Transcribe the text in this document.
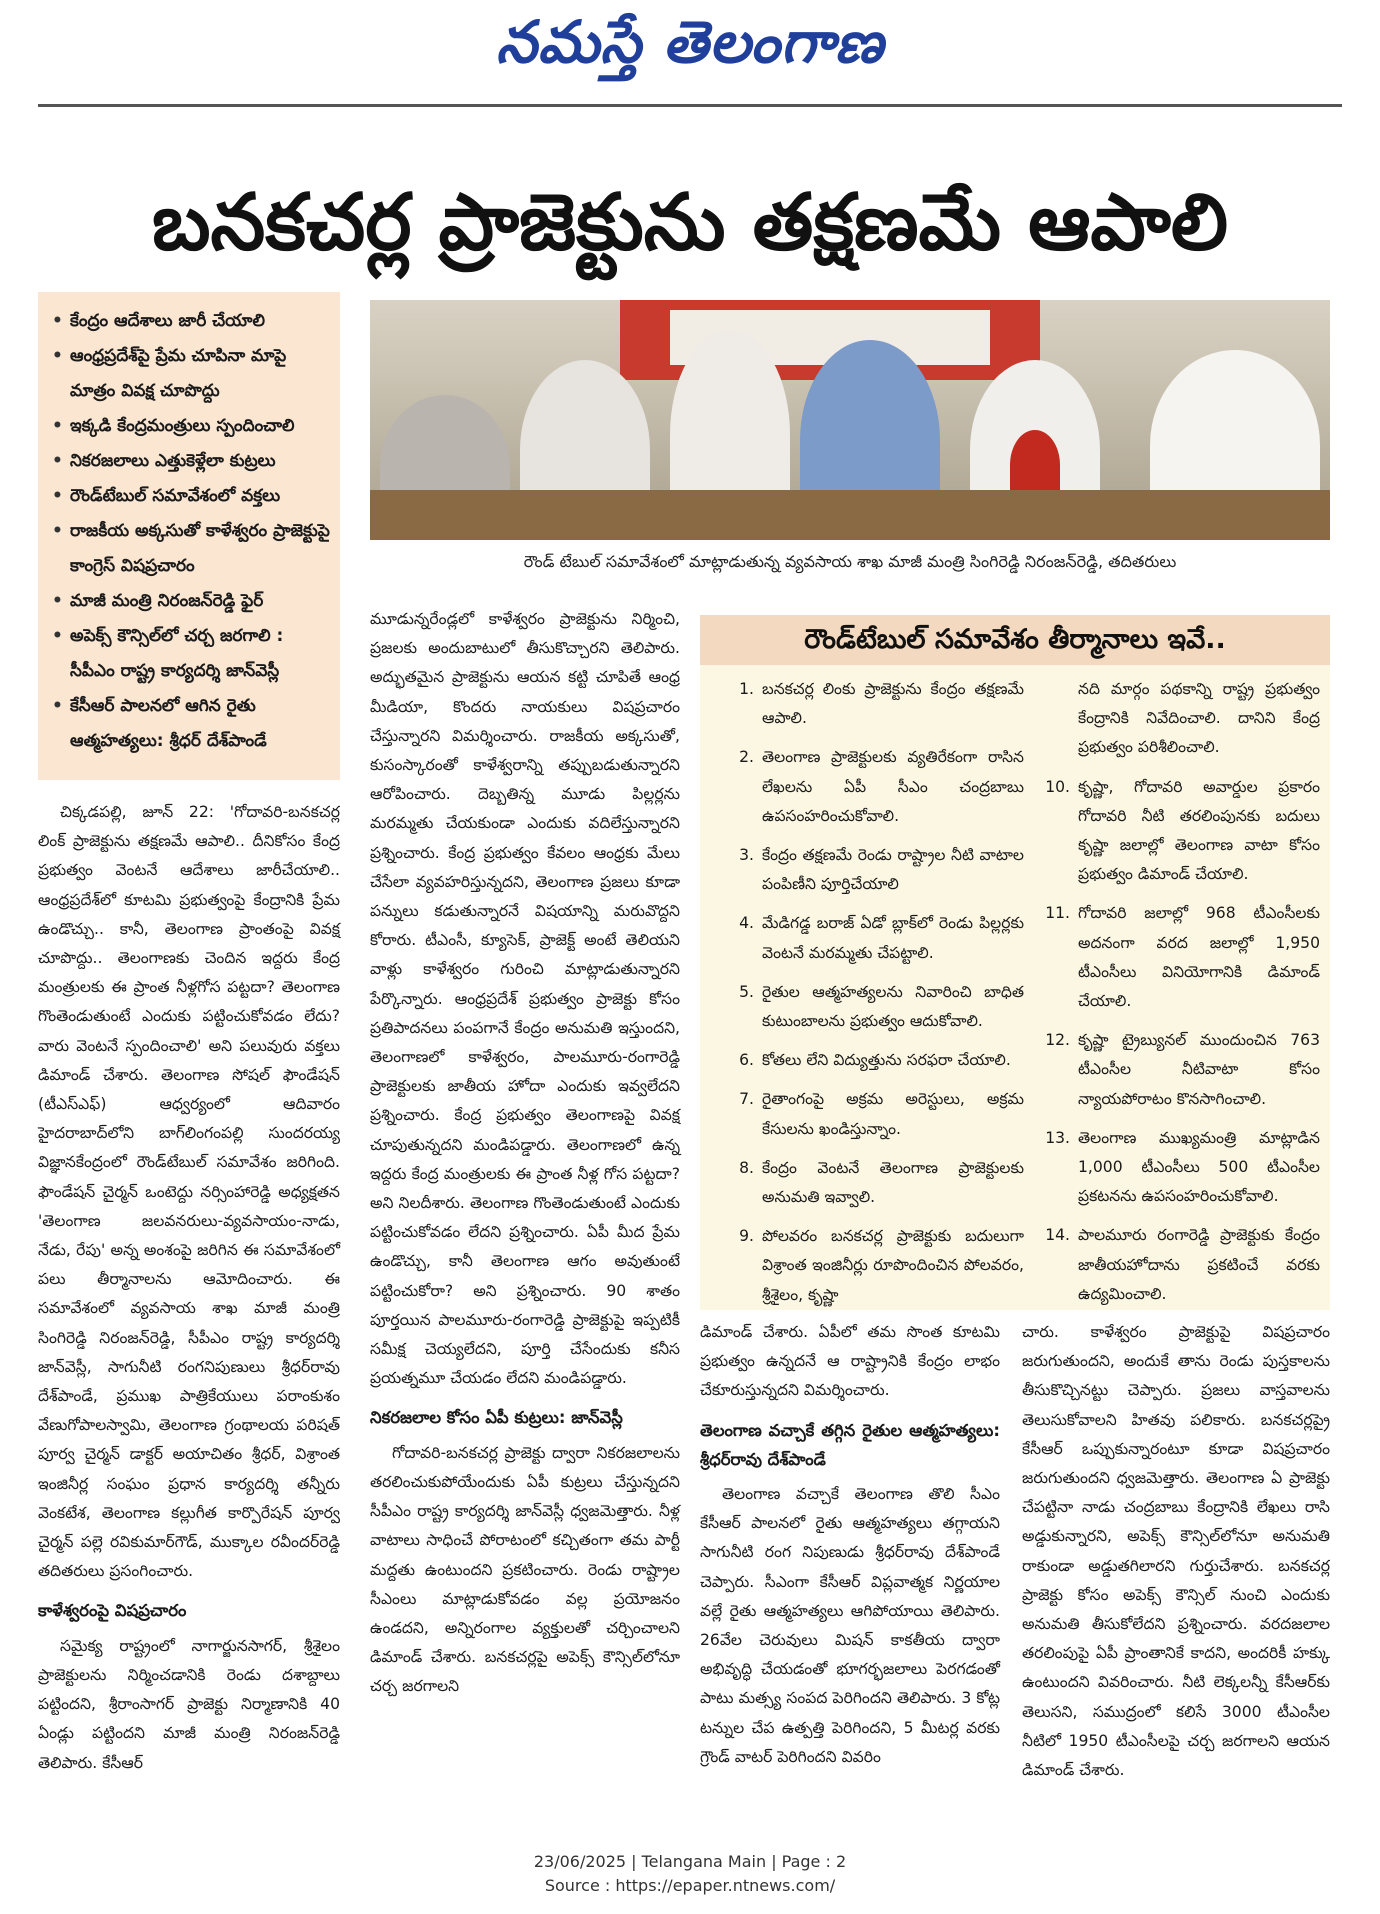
నమస్తే తెలంగాణ
బనకచర్ల ప్రాజెక్టును తక్షణమే ఆపాలి
• కేంద్రం ఆదేశాలు జారీ చేయాలి
• ఆంధ్రప్రదేశ్‌పై ప్రేమ చూపినా మాపై మాత్రం వివక్ష చూపొద్దు
• ఇక్కడి కేంద్రమంత్రులు స్పందించాలి
• నికరజలాలు ఎత్తుకెళ్లేలా కుట్రలు
• రౌండ్‌టేబుల్ సమావేశంలో వక్తలు
• రాజకీయ అక్కసుతో కాళేశ్వరం ప్రాజెక్టుపై కాంగ్రెస్ విషప్రచారం
• మాజీ మంత్రి నిరంజన్‌రెడ్డి ఫైర్
• అపెక్స్ కౌన్సిల్‌లో చర్చ జరగాలి : సీపీఎం రాష్ట్ర కార్యదర్శి జాన్‌వెస్లీ
• కేసీఆర్ పాలనలో ఆగిన రైతు ఆత్మహత్యలు: శ్రీధర్ దేశ్‌పాండే
రౌండ్ టేబుల్ సమావేశంలో మాట్లాడుతున్న వ్యవసాయ శాఖ మాజీ మంత్రి సింగిరెడ్డి నిరంజన్‌రెడ్డి, తదితరులు

చిక్కడపల్లి, జూన్ 22: 'గోదావరి-బనకచర్ల లింక్ ప్రాజెక్టును తక్షణమే ఆపాలి.. దీనికోసం కేంద్ర ప్రభుత్వం వెంటనే ఆదేశాలు జారీచేయాలి.. ఆంధ్రప్రదేశ్‌లో కూటమి ప్రభుత్వంపై కేంద్రానికి ప్రేమ ఉండొచ్చు.. కానీ, తెలంగాణ ప్రాంతంపై వివక్ష చూపొద్దు.. తెలంగాణకు చెందిన ఇద్దరు కేంద్ర మంత్రులకు ఈ ప్రాంత నీళ్లగోస పట్టదా? తెలంగాణ గొంతెండుతుంటే ఎందుకు పట్టించుకోవడం లేదు? వారు వెంటనే స్పందించాలి' అని పలువురు వక్తలు డిమాండ్ చేశారు. తెలంగాణ సోషల్ ఫౌండేషన్ (టీఎస్ఎఫ్) ఆధ్వర్యంలో ఆదివారం హైదరాబాద్‌లోని బాగ్‌లింగంపల్లి సుందరయ్య విజ్ఞానకేంద్రంలో రౌండ్‌టేబుల్ సమావేశం జరిగింది. ఫౌండేషన్ చైర్మన్ ఒంటెద్దు నర్సింహారెడ్డి అధ్యక్షతన 'తెలంగాణ జలవనరులు-వ్యవసాయం-నాడు, నేడు, రేపు' అన్న అంశంపై జరిగిన ఈ సమావేశంలో పలు తీర్మానాలను ఆమోదించారు. ఈ సమావేశంలో వ్యవసాయ శాఖ మాజీ మంత్రి సింగిరెడ్డి నిరంజన్‌రెడ్డి, సీపీఎం రాష్ట్ర కార్యదర్శి జాన్‌వెస్లీ, సాగునీటి రంగనిపుణులు శ్రీధర్‌రావు దేశ్‌పాండే, ప్రముఖ పాత్రికేయులు పరాంకుశం వేణుగోపాలస్వామి, తెలంగాణ గ్రంథాలయ పరిషత్ పూర్వ చైర్మన్ డాక్టర్ అయాచితం శ్రీధర్, విశ్రాంత ఇంజినీర్ల సంఘం ప్రధాన కార్యదర్శి తన్నీరు వెంకటేశ, తెలంగాణ కల్లుగీత కార్పొరేషన్ పూర్వ చైర్మన్ పల్లె రవికుమార్‌గౌడ్, ముక్కాల రవీందర్‌రెడ్డి తదితరులు ప్రసంగించారు.

కాళేశ్వరంపై విషప్రచారం

సమైక్య రాష్ట్రంలో నాగార్జునసాగర్, శ్రీశైలం ప్రాజెక్టులను నిర్మించడానికి రెండు దశాబ్దాలు పట్టిందని, శ్రీరాంసాగర్ ప్రాజెక్టు నిర్మాణానికి 40 ఏండ్లు పట్టిందని మాజీ మంత్రి నిరంజన్‌రెడ్డి తెలిపారు. కేసీఆర్

మూడున్నరేండ్లలో కాళేశ్వరం ప్రాజెక్టును నిర్మించి, ప్రజలకు అందుబాటులో తీసుకొచ్చారని తెలిపారు. అద్భుతమైన ప్రాజెక్టును ఆయన కట్టి చూపితే ఆంధ్ర మీడియా, కొందరు నాయకులు విషప్రచారం చేస్తున్నారని విమర్శించారు. రాజకీయ అక్కసుతో, కుసంస్కారంతో కాళేశ్వరాన్ని తప్పుబడుతున్నారని ఆరోపించారు. దెబ్బతిన్న మూడు పిల్లర్లను మరమ్మతు చేయకుండా ఎందుకు వదిలేస్తున్నారని ప్రశ్నించారు. కేంద్ర ప్రభుత్వం కేవలం ఆంధ్రకు మేలు చేసేలా వ్యవహరిస్తున్నదని, తెలంగాణ ప్రజలు కూడా పన్నులు కడుతున్నారనే విషయాన్ని మరువొద్దని కోరారు. టీఎంసీ, క్యూసెక్, ప్రాజెక్ట్ అంటే తెలియని వాళ్లు కాళేశ్వరం గురించి మాట్లాడుతున్నారని పేర్కొన్నారు. ఆంధ్రప్రదేశ్ ప్రభుత్వం ప్రాజెక్టు కోసం ప్రతిపాదనలు పంపగానే కేంద్రం అనుమతి ఇస్తుందని, తెలంగాణలో కాళేశ్వరం, పాలమూరు-రంగారెడ్డి ప్రాజెక్టులకు జాతీయ హోదా ఎందుకు ఇవ్వలేదని ప్రశ్నించారు. కేంద్ర ప్రభుత్వం తెలంగాణపై వివక్ష చూపుతున్నదని మండిపడ్డారు. తెలంగాణలో ఉన్న ఇద్దరు కేంద్ర మంత్రులకు ఈ ప్రాంత నీళ్ల గోస పట్టదా? అని నిలదీశారు. తెలంగాణ గొంతెండుతుంటే ఎందుకు పట్టించుకోవడం లేదని ప్రశ్నించారు. ఏపీ మీద ప్రేమ ఉండొచ్చు, కానీ తెలంగాణ ఆగం అవుతుంటే పట్టించుకోరా? అని ప్రశ్నించారు. 90 శాతం పూర్తయిన పాలమూరు-రంగారెడ్డి ప్రాజెక్టుపై ఇప్పటికీ సమీక్ష చెయ్యలేదని, పూర్తి చేసేందుకు కనీస ప్రయత్నమూ చేయడం లేదని మండిపడ్డారు.

నికరజలాల కోసం ఏపీ కుట్రలు: జాన్‌వెస్లీ

గోదావరి-బనకచర్ల ప్రాజెక్టు ద్వారా నికరజలాలను తరలించుకుపోయేందుకు ఏపీ కుట్రలు చేస్తున్నదని సీపీఎం రాష్ట్ర కార్యదర్శి జాన్‌వెస్లీ ధ్వజమెత్తారు. నీళ్ల వాటాలు సాధించే పోరాటంలో కచ్చితంగా తమ పార్టీ మద్దతు ఉంటుందని ప్రకటించారు. రెండు రాష్ట్రాల సీఎంలు మాట్లాడుకోవడం వల్ల ప్రయోజనం ఉండదని, అన్నిరంగాల వ్యక్తులతో చర్చించాలని డిమాండ్ చేశారు. బనకచర్లపై అపెక్స్ కౌన్సిల్‌లోనూ చర్చ జరగాలని

రౌండ్‌టేబుల్ సమావేశం తీర్మానాలు ఇవే..
1. బనకచర్ల లింకు ప్రాజెక్టును కేంద్రం తక్షణమే ఆపాలి.
2. తెలంగాణ ప్రాజెక్టులకు వ్యతిరేకంగా రాసిన లేఖలను ఏపీ సీఎం చంద్రబాబు ఉపసంహరించుకోవాలి.
3. కేంద్రం తక్షణమే రెండు రాష్ట్రాల నీటి వాటాల పంపిణీని పూర్తిచేయాలి
4. మేడిగడ్డ బరాజ్ ఏడో బ్లాక్‌లో రెండు పిల్లర్లకు వెంటనే మరమ్మతు చేపట్టాలి.
5. రైతుల ఆత్మహత్యలను నివారించి బాధిత కుటుంబాలను ప్రభుత్వం ఆదుకోవాలి.
6. కోతలు లేని విద్యుత్తును సరఫరా చేయాలి.
7. రైతాంగంపై అక్రమ అరెస్టులు, అక్రమ కేసులను ఖండిస్తున్నాం.
8. కేంద్రం వెంటనే తెలంగాణ ప్రాజెక్టులకు అనుమతి ఇవ్వాలి.
9. పోలవరం బనకచర్ల ప్రాజెక్టుకు బదులుగా విశ్రాంత ఇంజినీర్లు రూపొందించిన పోలవరం, శ్రీశైలం, కృష్ణా
నది మార్గం పథకాన్ని రాష్ట్ర ప్రభుత్వం కేంద్రానికి నివేదించాలి. దానిని కేంద్ర ప్రభుత్వం పరిశీలించాలి.
10. కృష్ణా, గోదావరి అవార్డుల ప్రకారం గోదావరి నీటి తరలింపునకు బదులు కృష్ణా జలాల్లో తెలంగాణ వాటా కోసం ప్రభుత్వం డిమాండ్ చేయాలి.
11. గోదావరి జలాల్లో 968 టీఎంసీలకు అదనంగా వరద జలాల్లో 1,950 టీఎంసీలు వినియోగానికి డిమాండ్ చేయాలి.
12. కృష్ణా ట్రైబ్యునల్ ముందుంచిన 763 టీఎంసీల నీటివాటా కోసం న్యాయపోరాటం కొనసాగించాలి.
13. తెలంగాణ ముఖ్యమంత్రి మాట్లాడిన 1,000 టీఎంసీలు 500 టీఎంసీల ప్రకటనను ఉపసంహరించుకోవాలి.
14. పాలమూరు రంగారెడ్డి ప్రాజెక్టుకు కేంద్రం జాతీయహోదాను ప్రకటించే వరకు ఉద్యమించాలి.

డిమాండ్ చేశారు. ఏపీలో తమ సొంత కూటమి ప్రభుత్వం ఉన్నదనే ఆ రాష్ట్రానికి కేంద్రం లాభం చేకూరుస్తున్నదని విమర్శించారు.

తెలంగాణ వచ్చాకే తగ్గిన రైతుల ఆత్మహత్యలు: శ్రీధర్‌రావు దేశ్‌పాండే

తెలంగాణ వచ్చాకే తెలంగాణ తొలి సీఎం కేసీఆర్ పాలనలో రైతు ఆత్మహత్యలు తగ్గాయని సాగునీటి రంగ నిపుణుడు శ్రీధర్‌రావు దేశ్‌పాండే చెప్పారు. సీఎంగా కేసీఆర్ విప్లవాత్మక నిర్ణయాల వల్లే రైతు ఆత్మహత్యలు ఆగిపోయాయి తెలిపారు. 26వేల చెరువులు మిషన్ కాకతీయ ద్వారా అభివృద్ధి చేయడంతో భూగర్భజలాలు పెరగడంతో పాటు మత్స్య సంపద పెరిగిందని తెలిపారు. 3 కోట్ల టన్నుల చేప ఉత్పత్తి పెరిగిందని, 5 మీటర్ల వరకు గ్రౌండ్ వాటర్ పెరిగిందని వివరిం

చారు. కాళేశ్వరం ప్రాజెక్టుపై విషప్రచారం జరుగుతుందని, అందుకే తాను రెండు పుస్తకాలను తీసుకొచ్చినట్టు చెప్పారు. ప్రజలు వాస్తవాలను తెలుసుకోవాలని హితవు పలికారు. బనకచర్లప్రై కేసీఆర్ ఒప్పుకున్నారంటూ కూడా విషప్రచారం జరుగుతుందని ధ్వజమెత్తారు. తెలంగాణ ఏ ప్రాజెక్టు చేపట్టినా నాడు చంద్రబాబు కేంద్రానికి లేఖలు రాసి అడ్డుకున్నారని, అపెక్స్ కౌన్సిల్‌లోనూ అనుమతి రాకుండా అడ్డుతగిలారని గుర్తుచేశారు. బనకచర్ల ప్రాజెక్టు కోసం అపెక్స్ కౌన్సిల్ నుంచి ఎందుకు అనుమతి తీసుకోలేదని ప్రశ్నించారు. వరదజలాల తరలింపుపై ఏపీ ప్రాంతానికే కాదని, అందరికీ హక్కు ఉంటుందని వివరించారు. నీటి లెక్కలన్నీ కేసీఆర్‌కు తెలుసని, సముద్రంలో కలిసే 3000 టీఎంసీల నీటిలో 1950 టీఎంసీలపై చర్చ జరగాలని ఆయన డిమాండ్ చేశారు.

23/06/2025 | Telangana Main | Page : 2
Source : https://epaper.ntnews.com/
